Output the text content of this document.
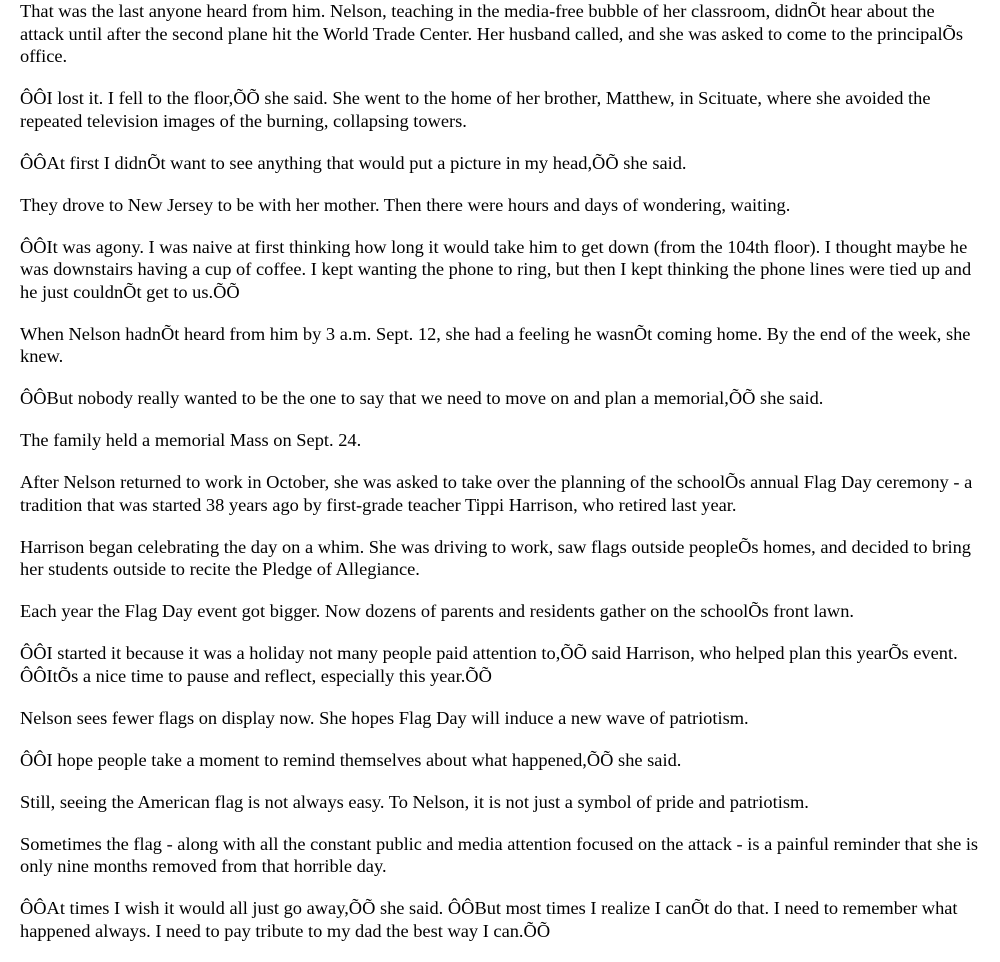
That was the last anyone heard from him. Nelson, teaching in the media-free bubble of her classroom, didnÕt hear about the attack until after the second plane hit the World Trade Center. Her husband called, and she was asked to come to the principalÕs office.

ÔÔI lost it. I fell to the floor,ÕÕ she said. She went to the home of her brother, Matthew, in Scituate, where she avoided the repeated television images of the burning, collapsing towers.

ÔÔAt first I didnÕt want to see anything that would put a picture in my head,ÕÕ she said.

They drove to New Jersey to be with her mother. Then there were hours and days of wondering, waiting.

ÔÔIt was agony. I was naive at first thinking how long it would take him to get down (from the 104th floor). I thought maybe he was downstairs having a cup of coffee. I kept wanting the phone to ring, but then I kept thinking the phone lines were tied up and he just couldnÕt get to us.ÕÕ

When Nelson hadnÕt heard from him by 3 a.m. Sept. 12, she had a feeling he wasnÕt coming home. By the end of the week, she knew.

ÔÔBut nobody really wanted to be the one to say that we need to move on and plan a memorial,ÕÕ she said.

The family held a memorial Mass on Sept. 24.

After Nelson returned to work in October, she was asked to take over the planning of the schoolÕs annual Flag Day ceremony - a tradition that was started 38 years ago by first-grade teacher Tippi Harrison, who retired last year.

Harrison began celebrating the day on a whim. She was driving to work, saw flags outside peopleÕs homes, and decided to bring her students outside to recite the Pledge of Allegiance.

Each year the Flag Day event got bigger. Now dozens of parents and residents gather on the schoolÕs front lawn.

ÔÔI started it because it was a holiday not many people paid attention to,ÕÕ said Harrison, who helped plan this yearÕs event. ÔÔItÕs a nice time to pause and reflect, especially this year.ÕÕ

Nelson sees fewer flags on display now. She hopes Flag Day will induce a new wave of patriotism.

ÔÔI hope people take a moment to remind themselves about what happened,ÕÕ she said.

Still, seeing the American flag is not always easy. To Nelson, it is not just a symbol of pride and patriotism.

Sometimes the flag - along with all the constant public and media attention focused on the attack - is a painful reminder that she is only nine months removed from that horrible day.

ÔÔAt times I wish it would all just go away,ÕÕ she said. ÔÔBut most times I realize I canÕt do that. I need to remember what happened always. I need to pay tribute to my dad the best way I can.ÕÕ
